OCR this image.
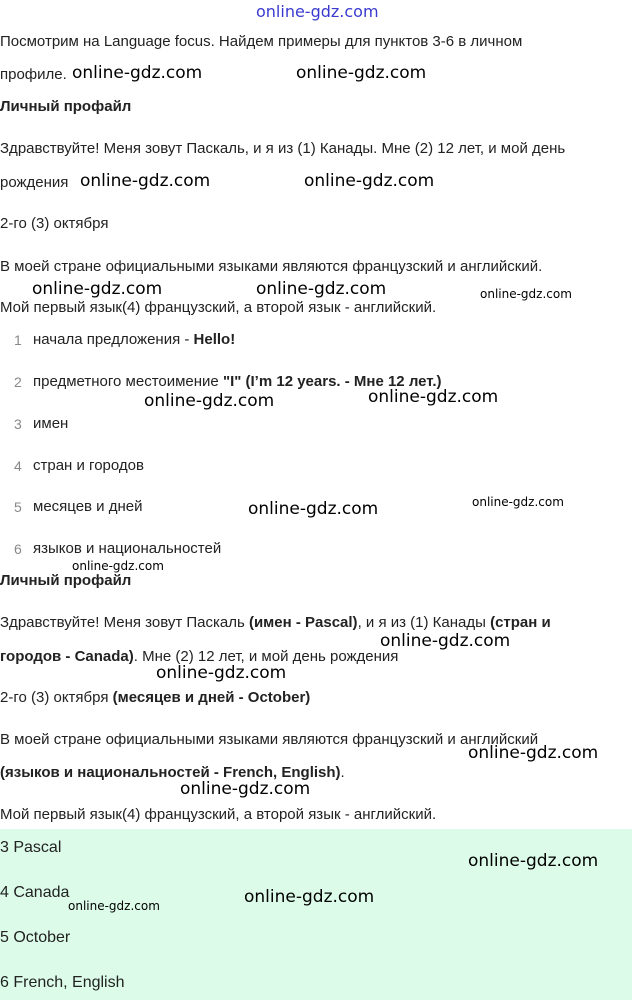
online-gdz.com
Посмотрим на Language focus. Найдем примеры для пунктов 3-6 в личном
профиле.
Личный профайл
Здравствуйте! Меня зовут Паскаль, и я из (1) Канады. Мне (2) 12 лет, и мой день
рождения
2-го (3) октября
В моей стране официальными языками являются французский и английский.
Мой первый язык(4) французский, а второй язык - английский.
1 начала предложения - Hello!
2 предметного местоимение "I" (I’m 12 years. - Мне 12 лет.)
3 имен
4 стран и городов
5 месяцев и дней
6 языков и национальностей
Личный профайл
Здравствуйте! Меня зовут Паскаль (имен - Pascal), и я из (1) Канады (стран и
городов - Canada). Мне (2) 12 лет, и мой день рождения
2-го (3) октября (месяцев и дней - October)
В моей стране официальными языками являются французский и английский
(языков и национальностей - French, English).
Мой первый язык(4) французский, а второй язык - английский.
3 Pascal
4 Canada
5 October
6 French, English
online-gdz.com	online-gdz.com
online-gdz.com	online-gdz.com
online-gdz.com	online-gdz.com	online-gdz.com
online-gdz.com	online-gdz.com
online-gdz.com
online-gdz.com
online-gdz.com
online-gdz.com
online-gdz.com
online-gdz.com
online-gdz.com
online-gdz.com
online-gdz.com
online-gdz.com
